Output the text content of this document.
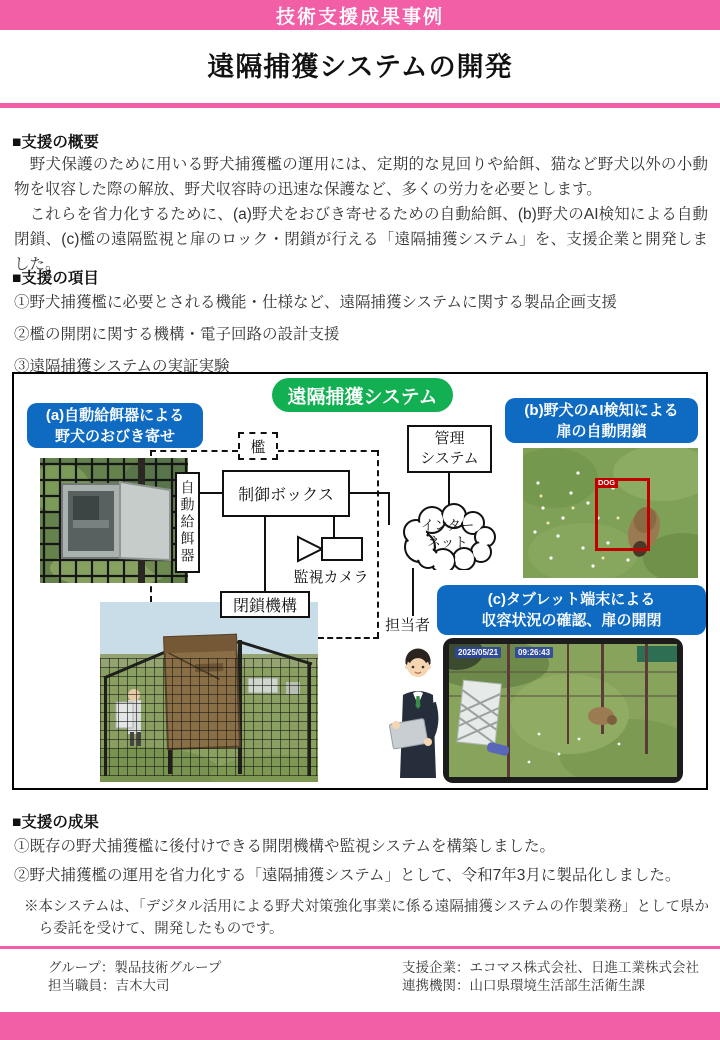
技術支援成果事例
遠隔捕獲システムの開発
■支援の概要
　野犬保護のために用いる野犬捕獲檻の運用には、定期的な見回りや給餌、猫など野犬以外の小動物を収容した際の解放、野犬収容時の迅速な保護など、多くの労力を必要とします。
　これらを省力化するために、(a)野犬をおびき寄せるための自動給餌、(b)野犬のAI検知による自動閉鎖、(c)檻の遠隔監視と扉のロック・閉鎖が行える「遠隔捕獲システム」を、支援企業と開発しました。
■支援の項目
①野犬捕獲檻に必要とされる機能・仕様など、遠隔捕獲システムに関する製品企画支援
②檻の開閉に関する機構・電子回路の設計支援
③遠隔捕獲システムの実証実験
遠隔捕獲システム
(a)自動給餌器による
野犬のおびき寄せ
(b)野犬のAI検知による
扉の自動閉鎖
(c)タブレット端末による
収容状況の確認、扉の開閉
檻	管理
システム
制御ボックス
閉鎖機構
インター
ネット
監視カメラ
担当者
自動給餌器	DOG
2025/05/21	09:26:43
■支援の成果
①既存の野犬捕獲檻に後付けできる開閉機構や監視システムを構築しました。
②野犬捕獲檻の運用を省力化する「遠隔捕獲システム」として、令和7年3月に製品化しました。
※本システムは、「デジタル活用による野犬対策強化事業に係る遠隔捕獲システムの作製業務」として県から委託を受けて、開発したものです。
グループ：製品技術グループ
担当職員：吉木大司
支援企業：エコマス株式会社、日進工業株式会社
連携機関：山口県環境生活部生活衛生課
